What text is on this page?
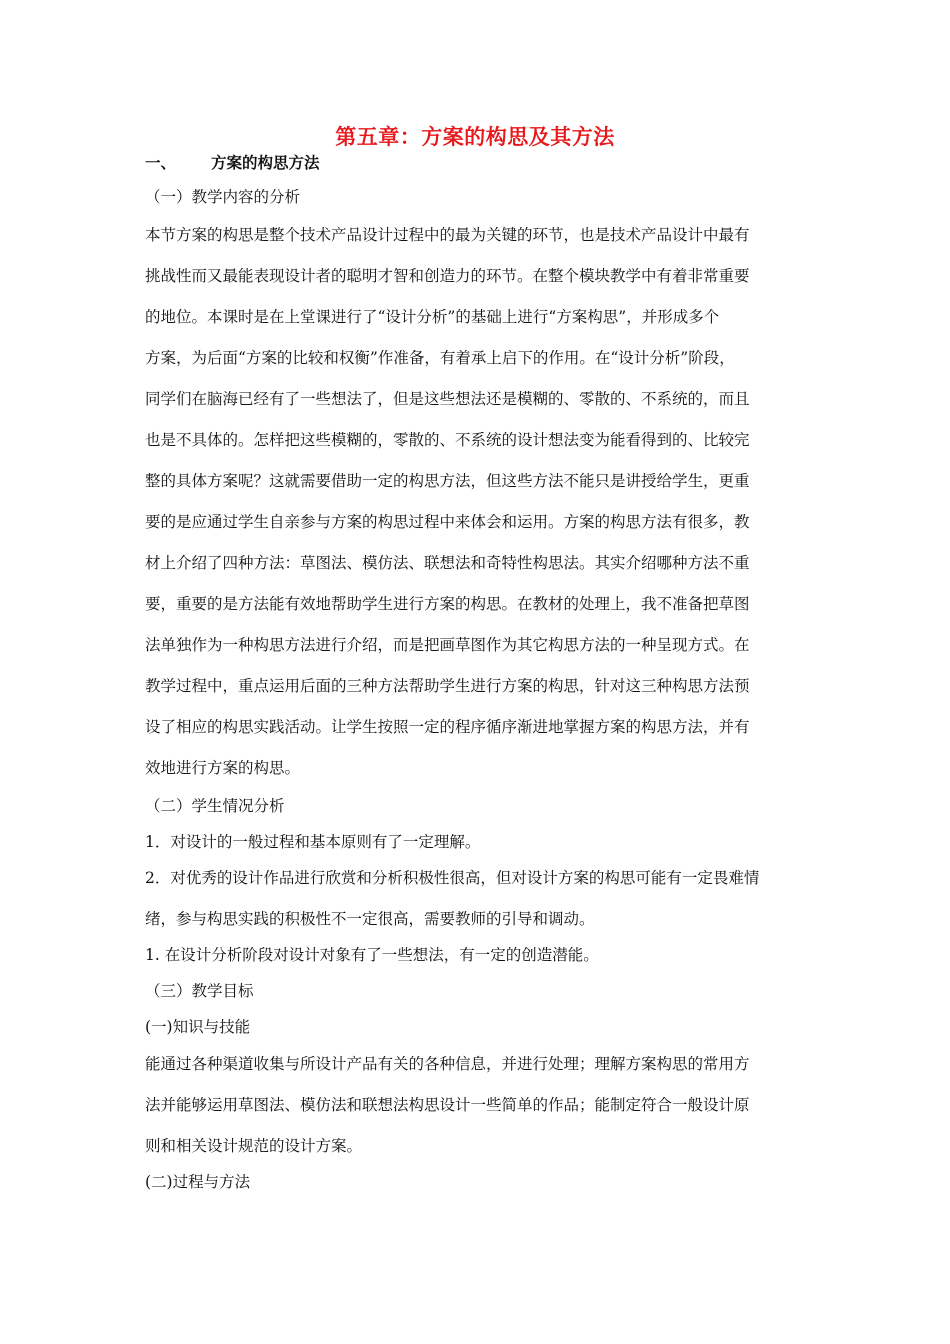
第五章：方案的构思及其方法
一、 方案的构思方法
（一）教学内容的分析
本节方案的构思是整个技术产品设计过程中的最为关键的环节，也是技术产品设计中最有
挑战性而又最能表现设计者的聪明才智和创造力的环节。在整个模块教学中有着非常重要
的地位。本课时是在上堂课进行了“设计分析”的基础上进行“方案构思”，并形成多个
方案，为后面“方案的比较和权衡”作准备，有着承上启下的作用。在“设计分析”阶段，
同学们在脑海已经有了一些想法了，但是这些想法还是模糊的、零散的、不系统的，而且
也是不具体的。怎样把这些模糊的，零散的、不系统的设计想法变为能看得到的、比较完
整的具体方案呢？这就需要借助一定的构思方法，但这些方法不能只是讲授给学生，更重
要的是应通过学生自亲参与方案的构思过程中来体会和运用。方案的构思方法有很多，教
材上介绍了四种方法：草图法、模仿法、联想法和奇特性构思法。其实介绍哪种方法不重
要，重要的是方法能有效地帮助学生进行方案的构思。在教材的处理上，我不准备把草图
法单独作为一种构思方法进行介绍，而是把画草图作为其它构思方法的一种呈现方式。在
教学过程中，重点运用后面的三种方法帮助学生进行方案的构思，针对这三种构思方法预
设了相应的构思实践活动。让学生按照一定的程序循序渐进地掌握方案的构思方法，并有
效地进行方案的构思。
（二）学生情况分析
1．对设计的一般过程和基本原则有了一定理解。
2．对优秀的设计作品进行欣赏和分析积极性很高，但对设计方案的构思可能有一定畏难情
绪，参与构思实践的积极性不一定很高，需要教师的引导和调动。
1. 在设计分析阶段对设计对象有了一些想法，有一定的创造潜能。
（三）教学目标
(一)知识与技能
能通过各种渠道收集与所设计产品有关的各种信息，并进行处理；理解方案构思的常用方
法并能够运用草图法、模仿法和联想法构思设计一些简单的作品；能制定符合一般设计原
则和相关设计规范的设计方案。
(二)过程与方法
